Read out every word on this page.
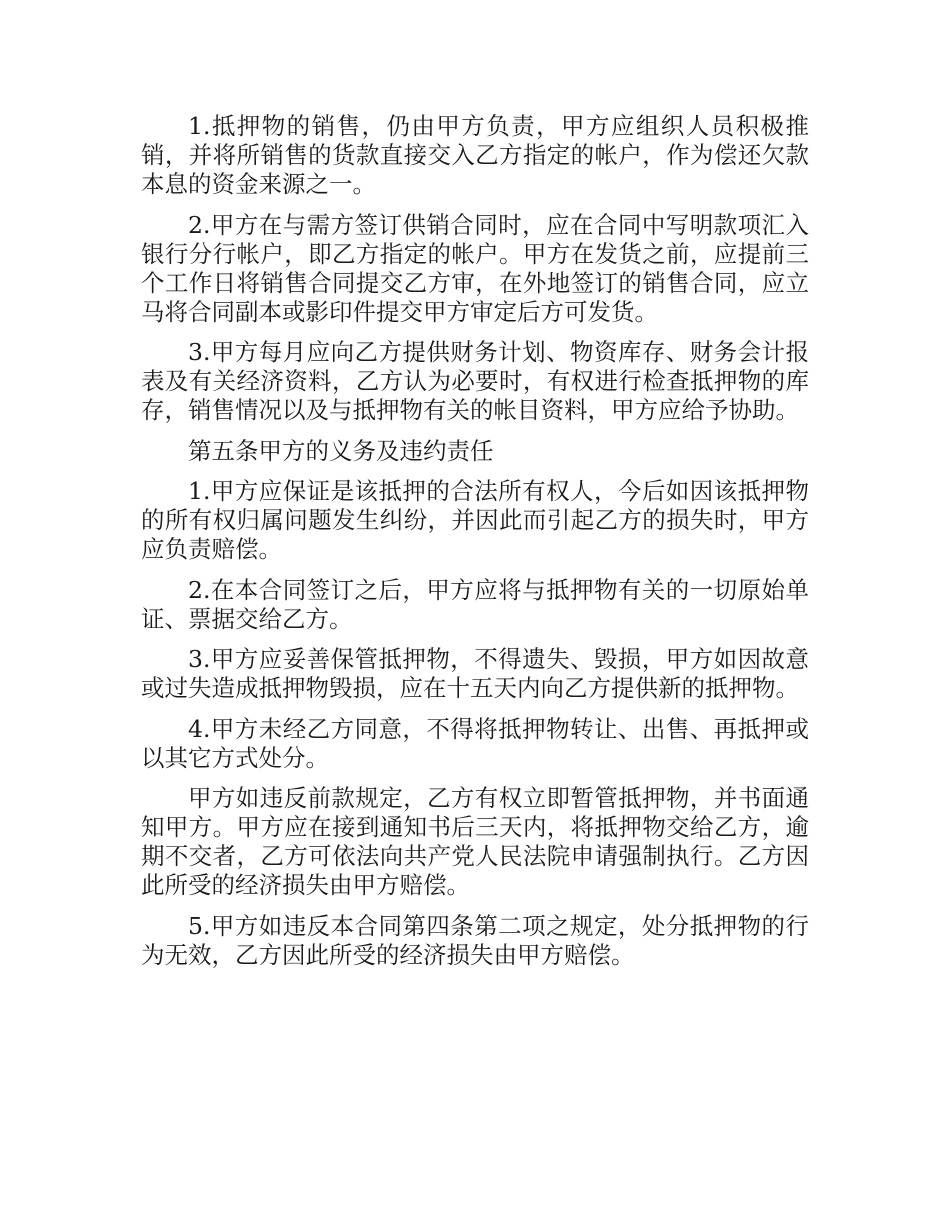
1.抵押物的销售，仍由甲方负责，甲方应组织人员积极推销，并将所销售的货款直接交入乙方指定的帐户，作为偿还欠款本息的资金来源之一。

2.甲方在与需方签订供销合同时，应在合同中写明款项汇入银行分行帐户，即乙方指定的帐户。甲方在发货之前，应提前三个工作日将销售合同提交乙方审，在外地签订的销售合同，应立马将合同副本或影印件提交甲方审定后方可发货。

3.甲方每月应向乙方提供财务计划、物资库存、财务会计报表及有关经济资料，乙方认为必要时，有权进行检查抵押物的库存，销售情况以及与抵押物有关的帐目资料，甲方应给予协助。

第五条甲方的义务及违约责任

1.甲方应保证是该抵押的合法所有权人，今后如因该抵押物的所有权归属问题发生纠纷，并因此而引起乙方的损失时，甲方应负责赔偿。

2.在本合同签订之后，甲方应将与抵押物有关的一切原始单证、票据交给乙方。

3.甲方应妥善保管抵押物，不得遗失、毁损，甲方如因故意或过失造成抵押物毁损，应在十五天内向乙方提供新的抵押物。

4.甲方未经乙方同意，不得将抵押物转让、出售、再抵押或以其它方式处分。

甲方如违反前款规定，乙方有权立即暂管抵押物，并书面通知甲方。甲方应在接到通知书后三天内，将抵押物交给乙方，逾期不交者，乙方可依法向共产党人民法院申请强制执行。乙方因此所受的经济损失由甲方赔偿。

5.甲方如违反本合同第四条第二项之规定，处分抵押物的行为无效，乙方因此所受的经济损失由甲方赔偿。
